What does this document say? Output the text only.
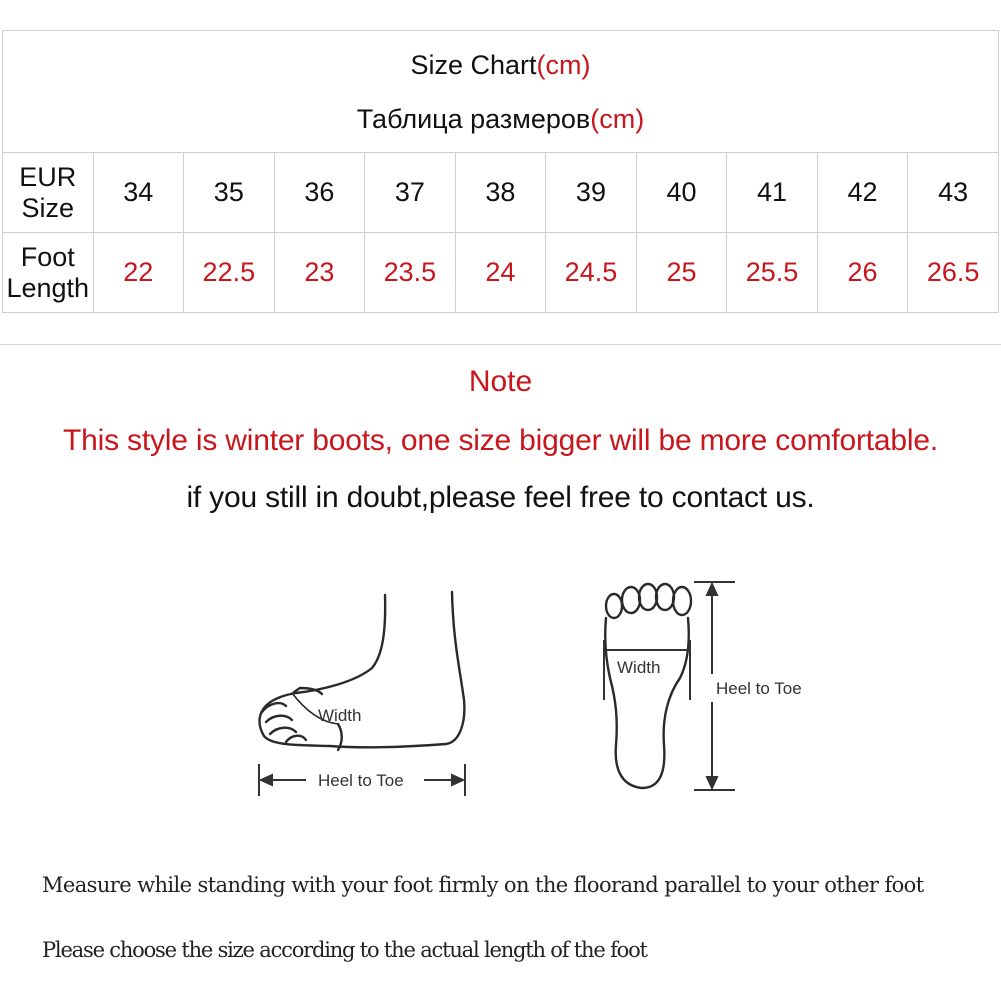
Size Chart(cm)
Таблица размеров(cm)										

EUR Size	34	35	36	37	38	39	40	41	42	43
Foot Length	22	22.5	23	23.5	24	24.5	25	25.5	26	26.5
Note
This style is winter boots, one size bigger will be more comfortable.
if you still in doubt,please feel free to contact us.
Width
Heel to Toe
Width
Heel to Toe
Measure while standing with your foot firmly on the floorand parallel to your other foot
Please choose the size according to the actual length of the foot
